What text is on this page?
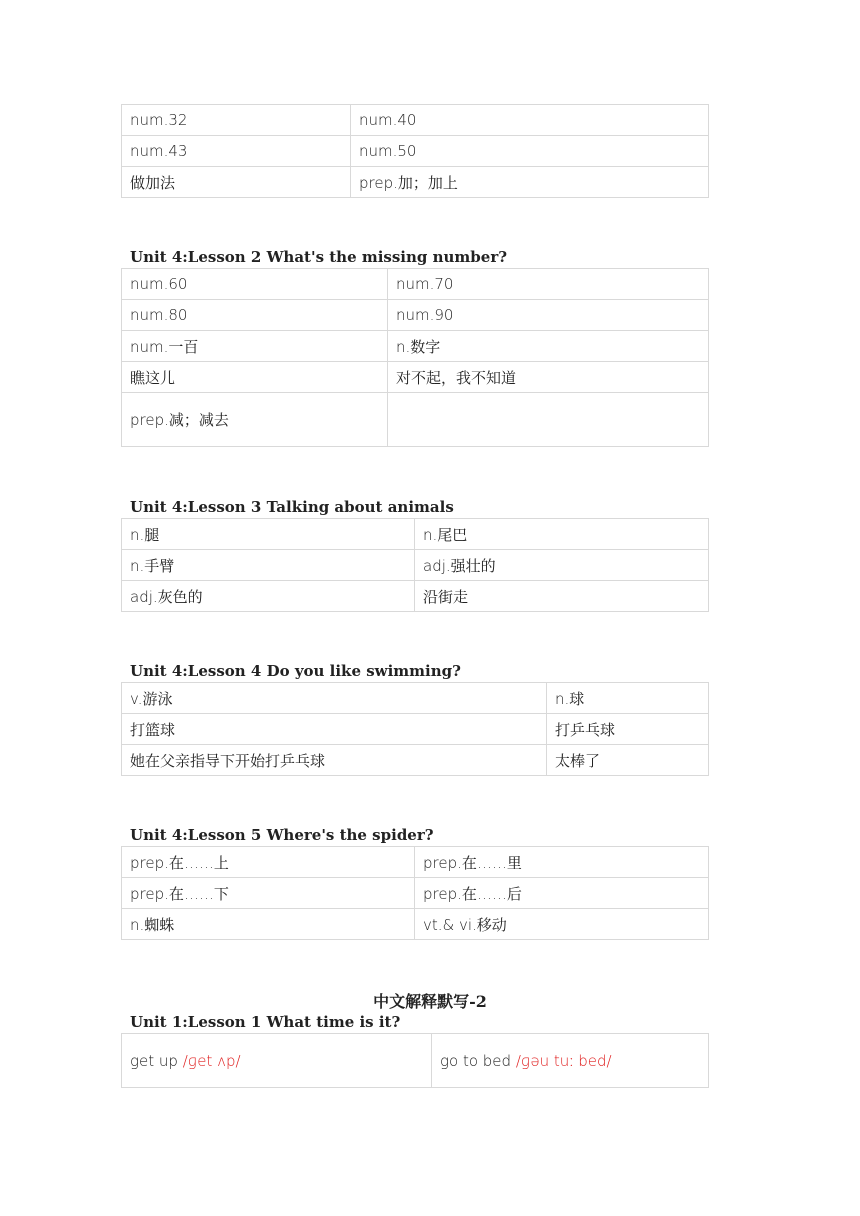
num.32	num.40
num.43	num.50
做加法	prep.加；加上
Unit 4:Lesson 2 What's the missing number?
num.60	num.70
num.80	num.90
num.一百	n.数字
瞧这儿	对不起，我不知道
prep.减；减去	
Unit 4:Lesson 3 Talking about animals
n.腿	n.尾巴
n.手臂	adj.强壮的
adj.灰色的	沿街走
Unit 4:Lesson 4 Do you like swimming?
v.游泳	n.球
打篮球	打乒乓球
她在父亲指导下开始打乒乓球	太棒了
Unit 4:Lesson 5 Where's the spider?
prep.在……上	prep.在……里
prep.在……下	prep.在……后
n.蜘蛛	vt.& vi.移动
中文解释默写-2
Unit 1:Lesson 1 What time is it?
get up /ɡet ʌp/	go to bed /ɡəu tuː bed/
